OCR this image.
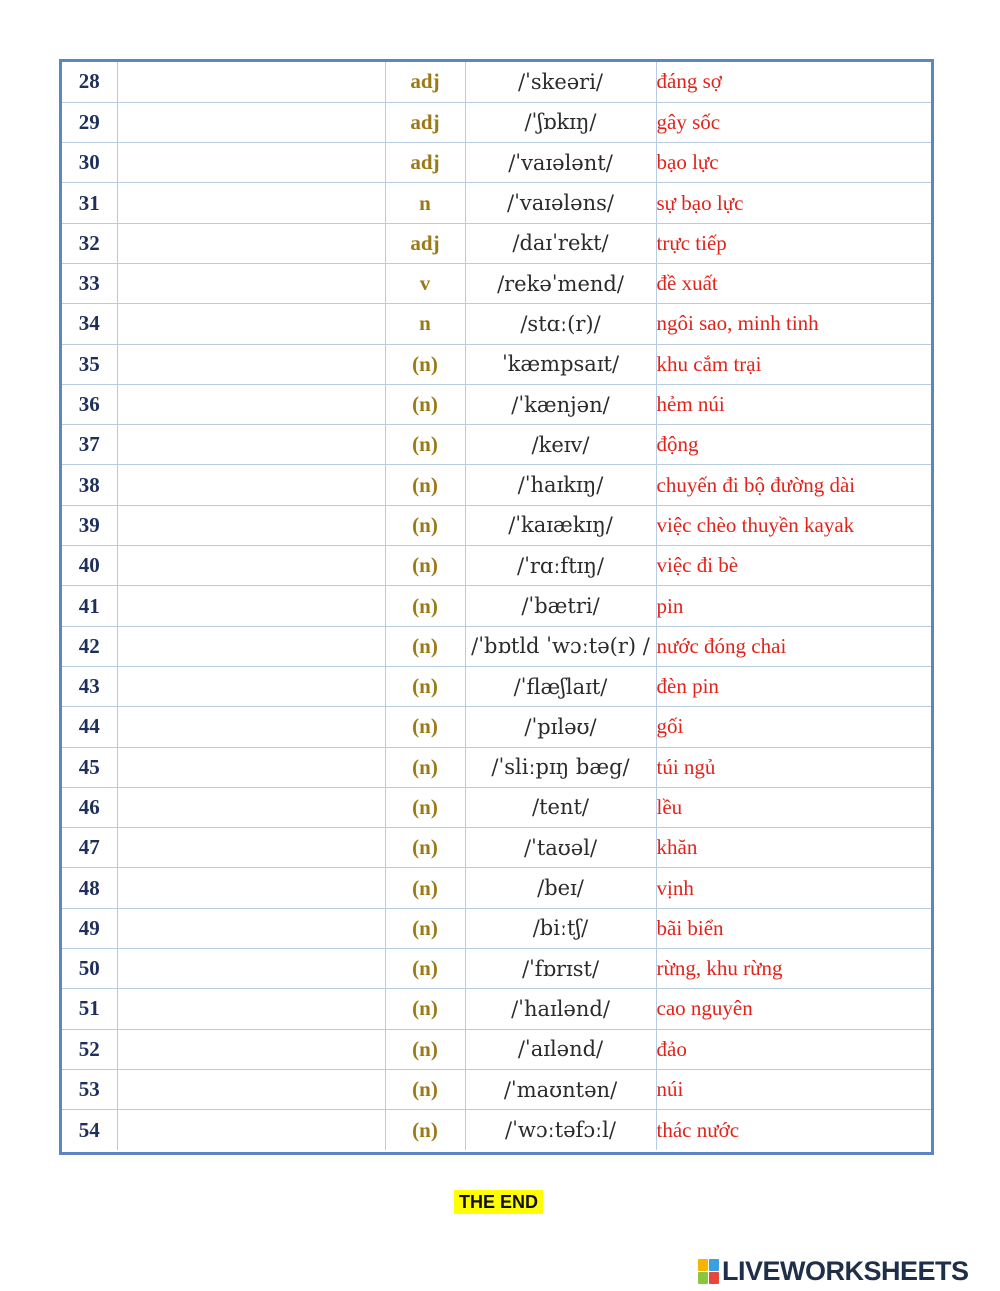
28		adj	/ˈskeəri/	đáng sợ
29		adj	/ˈʃɒkɪŋ/	gây sốc
30		adj	/ˈvaɪələnt/	bạo lực
31		n	/ˈvaɪələns/	sự bạo lực
32		adj	/daɪˈrekt/	trực tiếp
33		v	/rekəˈmend/	đề xuất
34		n	/stɑː(r)/	ngôi sao, minh tinh
35		(n)	ˈkæmpsaɪt/	khu cắm trại
36		(n)	/ˈkænjən/	hẻm núi
37		(n)	/keɪv/	động
38		(n)	/ˈhaɪkɪŋ/	chuyến đi bộ đường dài
39		(n)	/ˈkaɪækɪŋ/	việc chèo thuyền kayak
40		(n)	/ˈrɑːftɪŋ/	việc đi bè
41		(n)	/ˈbætri/	pin
42		(n)	/ˈbɒtld ˈwɔːtə(r) /	nước đóng chai
43		(n)	/ˈflæʃlaɪt/	đèn pin
44		(n)	/ˈpɪləʊ/	gối
45		(n)	/ˈsliːpɪŋ bæg/	túi ngủ
46		(n)	/tent/	lều
47		(n)	/ˈtaʊəl/	khăn
48		(n)	/beɪ/	vịnh
49		(n)	/biːtʃ/	bãi biển
50		(n)	/ˈfɒrɪst/	rừng, khu rừng
51		(n)	/ˈhaɪlənd/	cao nguyên
52		(n)	/ˈaɪlənd/	đảo
53		(n)	/ˈmaʊntən/	núi
54		(n)	/ˈwɔːtəfɔːl/	thác nước
THE END
LIVEWORKSHEETS
